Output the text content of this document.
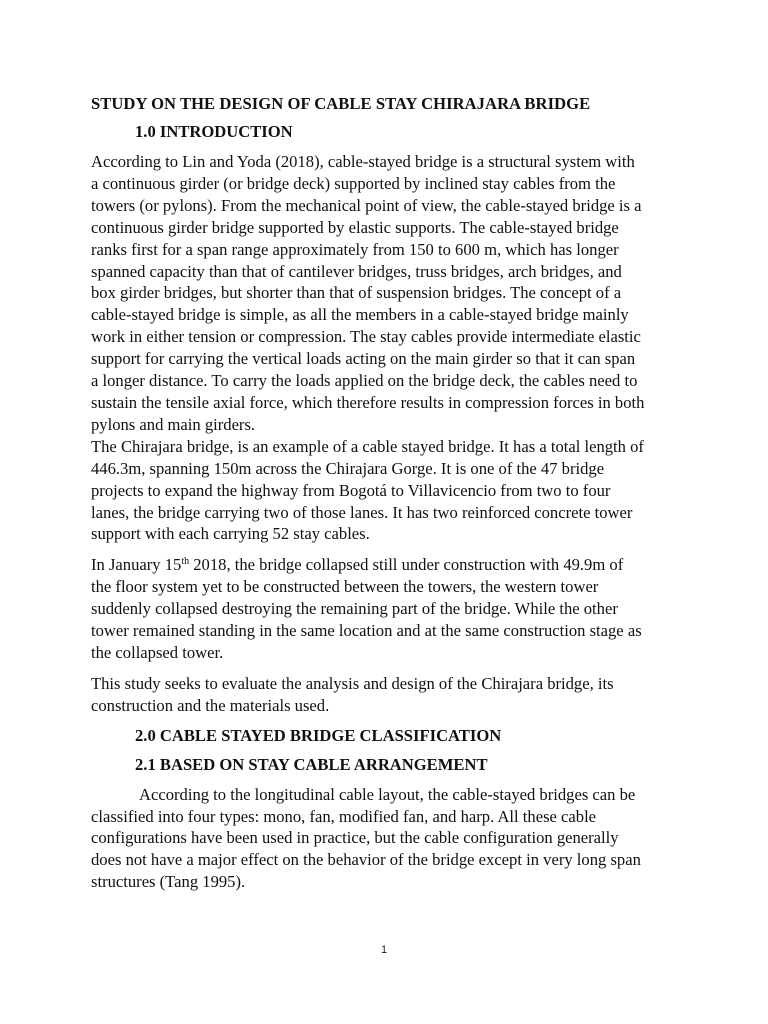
STUDY ON THE DESIGN OF CABLE STAY CHIRAJARA BRIDGE
1.0 INTRODUCTION

According to Lin and Yoda (2018), cable-stayed bridge is a structural system with
a continuous girder (or bridge deck) supported by inclined stay cables from the
towers (or pylons). From the mechanical point of view, the cable-stayed bridge is a
continuous girder bridge supported by elastic supports. The cable-stayed bridge
ranks first for a span range approximately from 150 to 600 m, which has longer
spanned capacity than that of cantilever bridges, truss bridges, arch bridges, and
box girder bridges, but shorter than that of suspension bridges. The concept of a
cable-stayed bridge is simple, as all the members in a cable-stayed bridge mainly
work in either tension or compression. The stay cables provide intermediate elastic
support for carrying the vertical loads acting on the main girder so that it can span
a longer distance. To carry the loads applied on the bridge deck, the cables need to
sustain the tensile axial force, which therefore results in compression forces in both
pylons and main girders.

The Chirajara bridge, is an example of a cable stayed bridge. It has a total length of
446.3m, spanning 150m across the Chirajara Gorge. It is one of the 47 bridge
projects to expand the highway from Bogotá to Villavicencio from two to four
lanes, the bridge carrying two of those lanes. It has two reinforced concrete tower
support with each carrying 52 stay cables.

In January 15th 2018, the bridge collapsed still under construction with 49.9m of
the floor system yet to be constructed between the towers, the western tower
suddenly collapsed destroying the remaining part of the bridge. While the other
tower remained standing in the same location and at the same construction stage as
the collapsed tower.

This study seeks to evaluate the analysis and design of the Chirajara bridge, its
construction and the materials used.

2.0 CABLE STAYED BRIDGE CLASSIFICATION
2.1 BASED ON STAY CABLE ARRANGEMENT

According to the longitudinal cable layout, the cable-stayed bridges can be
classified into four types: mono, fan, modified fan, and harp. All these cable
configurations have been used in practice, but the cable configuration generally
does not have a major effect on the behavior of the bridge except in very long span
structures (Tang 1995).

1
